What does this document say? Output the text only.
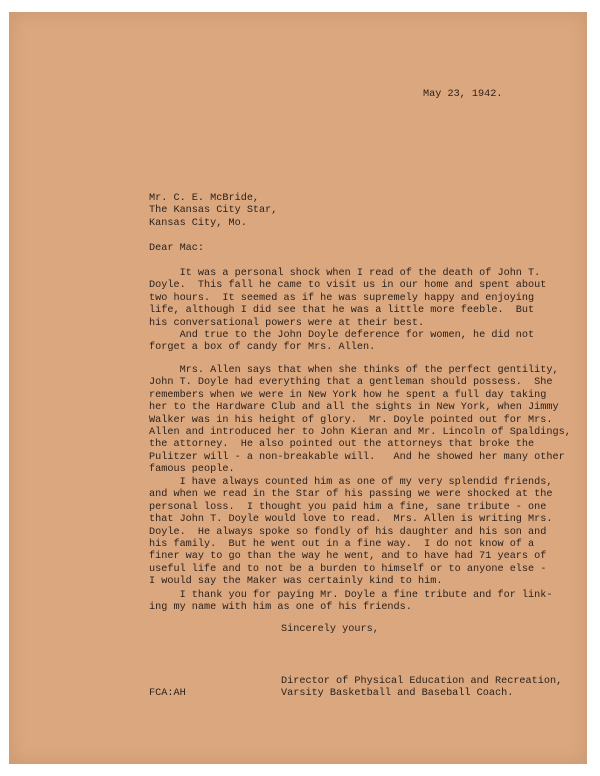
May 23, 1942.
Mr. C. E. McBride,
The Kansas City Star,
Kansas City, Mo.
Dear Mac:
It was a personal shock when I read of the death of John T.
Doyle.  This fall he came to visit us in our home and spent about
two hours.  It seemed as if he was supremely happy and enjoying
life, although I did see that he was a little more feeble.  But
his conversational powers were at their best.
And true to the John Doyle deference for women, he did not
forget a box of candy for Mrs. Allen.
Mrs. Allen says that when she thinks of the perfect gentility,
John T. Doyle had everything that a gentleman should possess.  She
remembers when we were in New York how he spent a full day taking
her to the Hardware Club and all the sights in New York, when Jimmy
Walker was in his height of glory.  Mr. Doyle pointed out for Mrs.
Allen and introduced her to John Kieran and Mr. Lincoln of Spaldings,
the attorney.  He also pointed out the attorneys that broke the
Pulitzer will - a non-breakable will.   And he showed her many other
famous people.
I have always counted him as one of my very splendid friends,
and when we read in the Star of his passing we were shocked at the
personal loss.  I thought you paid him a fine, sane tribute - one
that John T. Doyle would love to read.  Mrs. Allen is writing Mrs.
Doyle.  He always spoke so fondly of his daughter and his son and
his family.  But he went out in a fine way.  I do not know of a
finer way to go than the way he went, and to have had 71 years of
useful life and to not be a burden to himself or to anyone else -
I would say the Maker was certainly kind to him.
I thank you for paying Mr. Doyle a fine tribute and for link-
ing my name with him as one of his friends.
Sincerely yours,
Director of Physical Education and Recreation,
Varsity Basketball and Baseball Coach.
FCA:AH
